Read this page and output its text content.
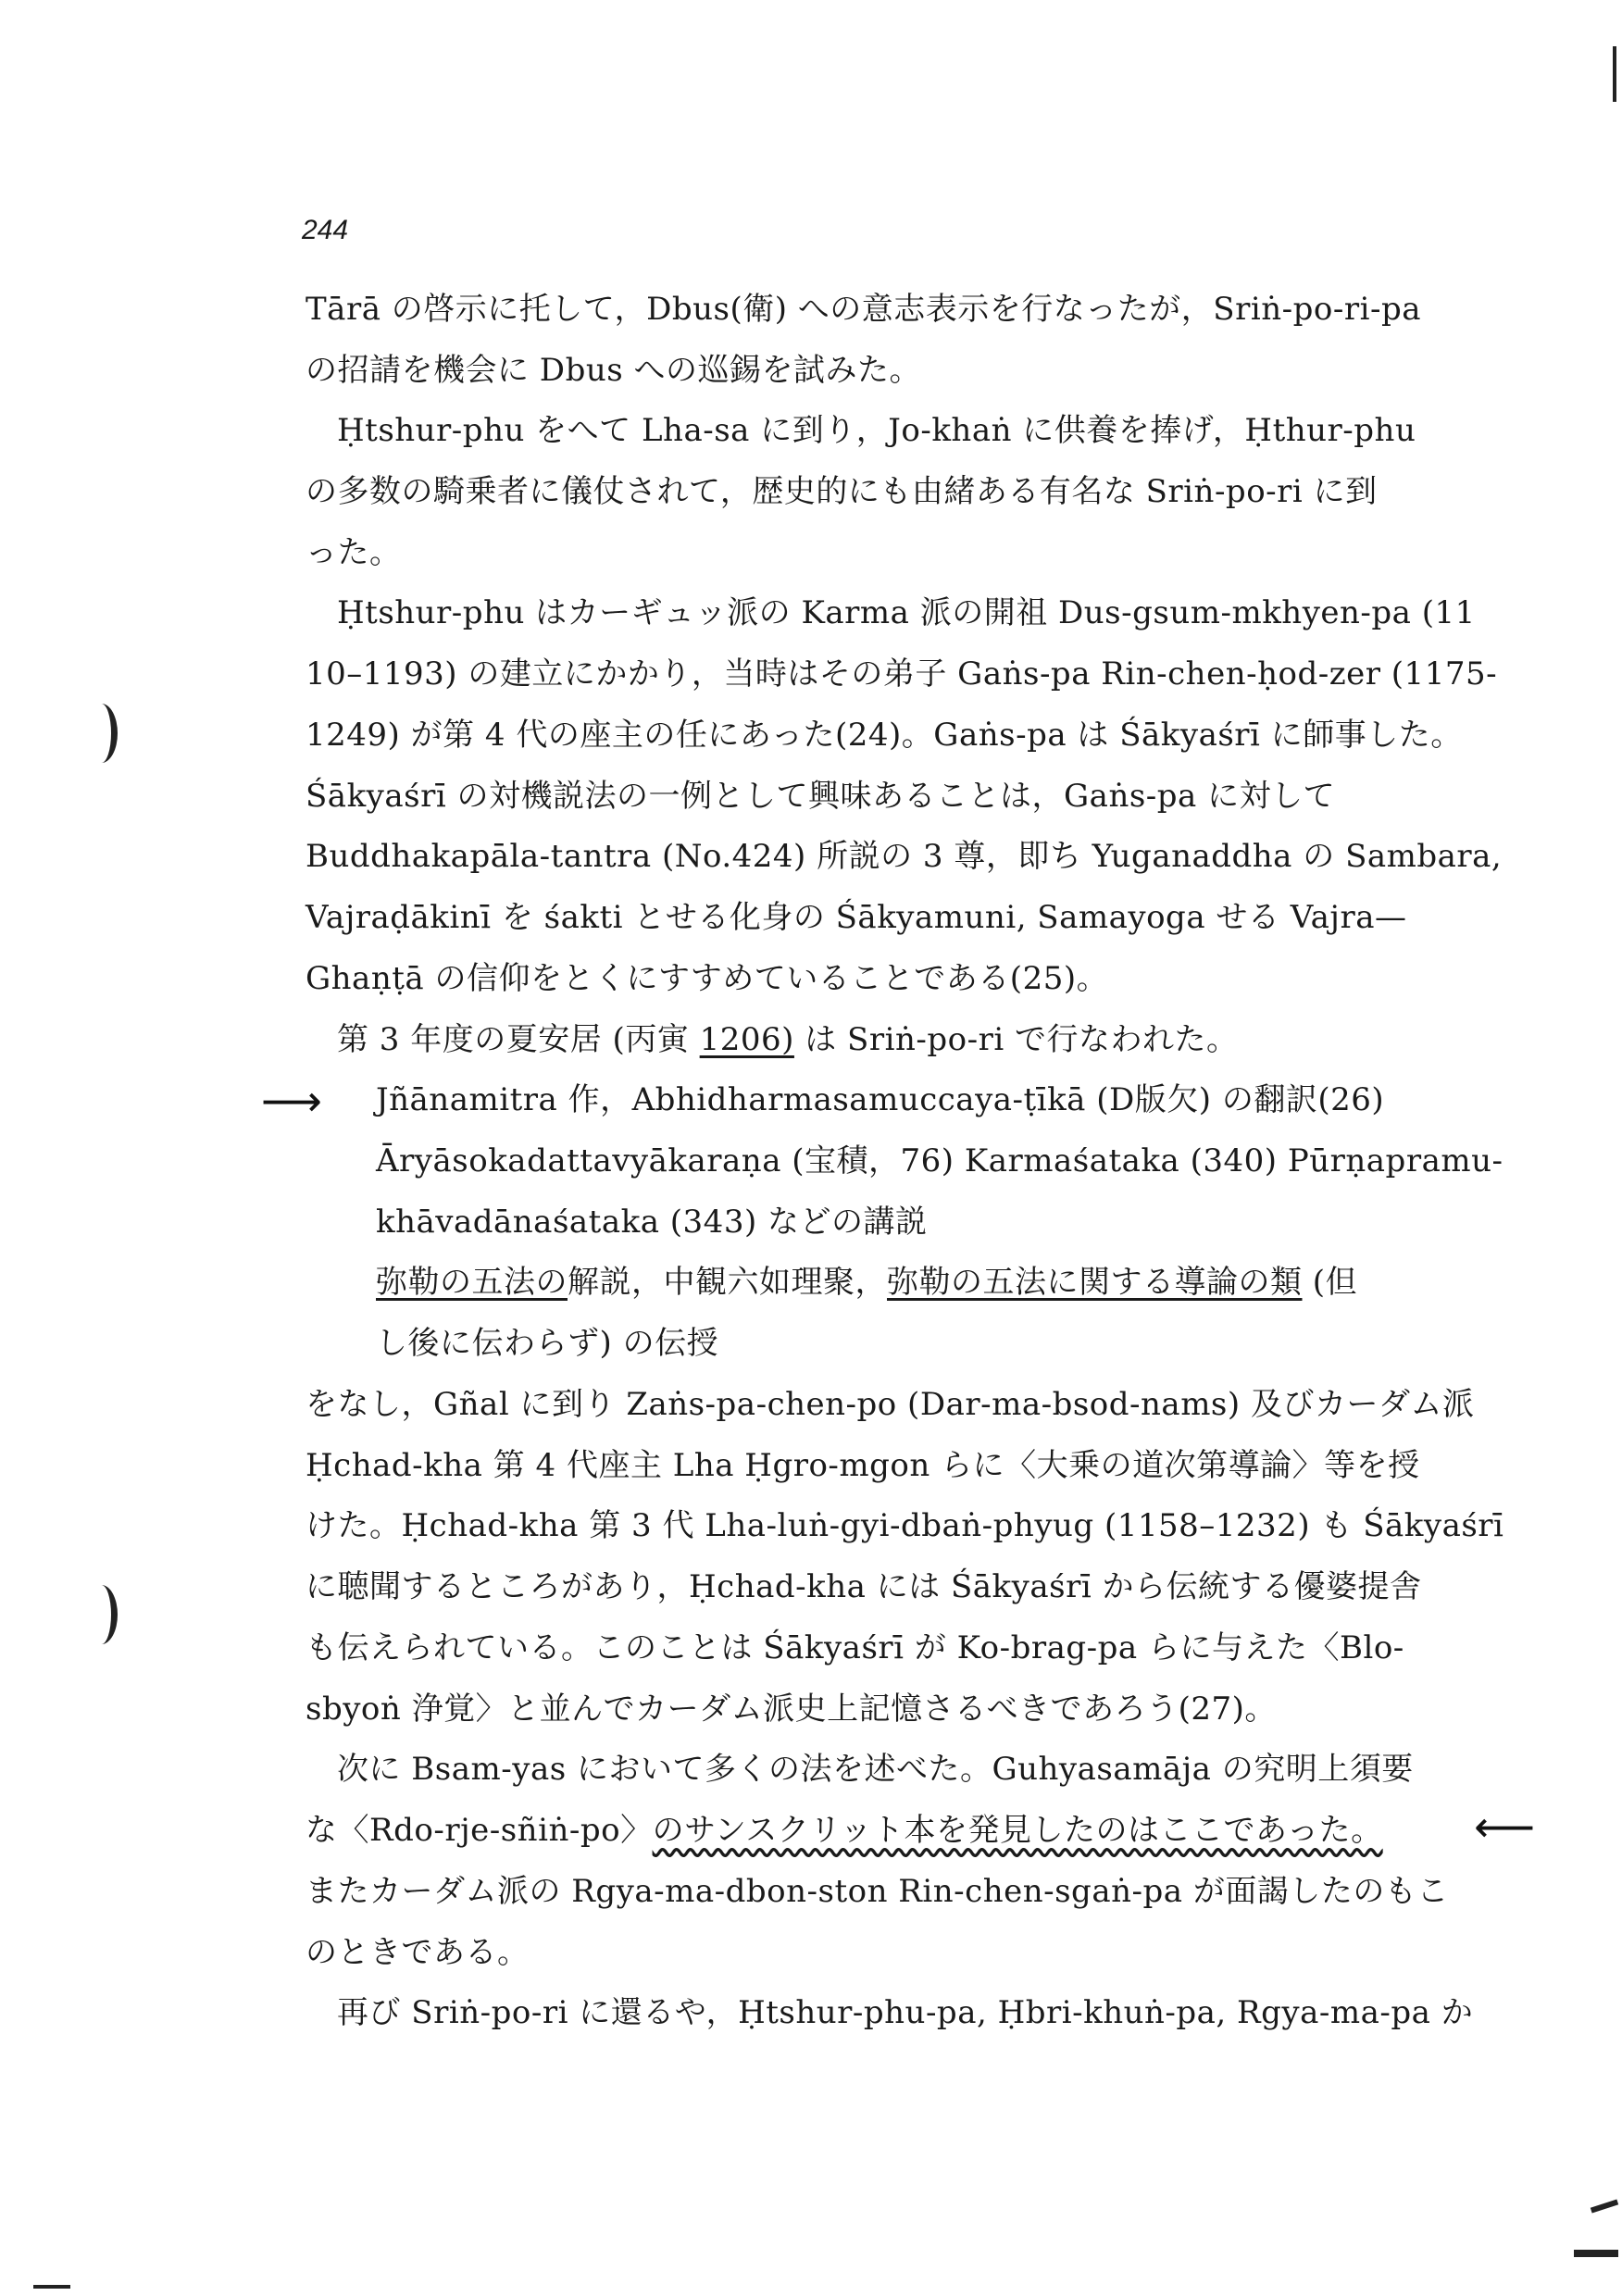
244
Tārā の啓示に托して，Dbus(衛) への意志表示を行なったが，Sriṅ-po-ri-pa
の招請を機会に Dbus への巡錫を試みた。
Ḥtshur-phu をへて Lha-sa に到り，Jo-khaṅ に供養を捧げ，Ḥthur-phu
の多数の騎乗者に儀仗されて，歴史的にも由緒ある有名な Sriṅ-po-ri に到
った。
Ḥtshur-phu はカーギュッ派の Karma 派の開祖 Dus-gsum-mkhyen-pa (11
10–1193) の建立にかかり，当時はその弟子 Gaṅs-pa Rin-chen-ḥod-zer (1175-
1249) が第 4 代の座主の任にあった(24)。Gaṅs-pa は Śākyaśrī に師事した。
Śākyaśrī の対機説法の一例として興味あることは，Gaṅs-pa に対して
Buddhakapāla-tantra (No.424) 所説の 3 尊，即ち Yuganaddha の Sambara,
Vajraḍākinī を śakti とせる化身の Śākyamuni, Samayoga せる Vajra—
Ghaṇṭā の信仰をとくにすすめていることである(25)。
第 3 年度の夏安居 (丙寅 1206) は Sriṅ-po-ri で行なわれた。
⟶ Jñānamitra 作，Abhidharmasamuccaya-ṭīkā (D版欠) の翻訳(26)
Āryāsokadattavyākaraṇa (宝積，76) Karmaśataka (340) Pūrṇapramu-
khāvadānaśataka (343) などの講説
弥勒の五法の解説，中観六如理聚，弥勒の五法に関する導論の類 (但
し後に伝わらず) の伝授
をなし，Gñal に到り Zaṅs-pa-chen-po (Dar-ma-bsod-nams) 及びカーダム派
Ḥchad-kha 第 4 代座主 Lha Ḥgro-mgon らに〈大乗の道次第導論〉等を授
けた。Ḥchad-kha 第 3 代 Lha-luṅ-gyi-dbaṅ-phyug (1158–1232) も Śākyaśrī
に聴聞するところがあり，Ḥchad-kha には Śākyaśrī から伝統する優婆提舎
も伝えられている。このことは Śākyaśrī が Ko-brag-pa らに与えた〈Blo-
sbyoṅ 浄覚〉と並んでカーダム派史上記憶さるべきであろう(27)。
次に Bsam-yas において多くの法を述べた。Guhyasamāja の究明上須要
な〈Rdo-rje-sñiṅ-po〉のサンスクリット本を発見したのはここであった。 ⟵
またカーダム派の Rgya-ma-dbon-ston Rin-chen-sgaṅ-pa が面謁したのもこ
のときである。
再び Sriṅ-po-ri に還るや，Ḥtshur-phu-pa, Ḥbri-khuṅ-pa, Rgya-ma-pa か
